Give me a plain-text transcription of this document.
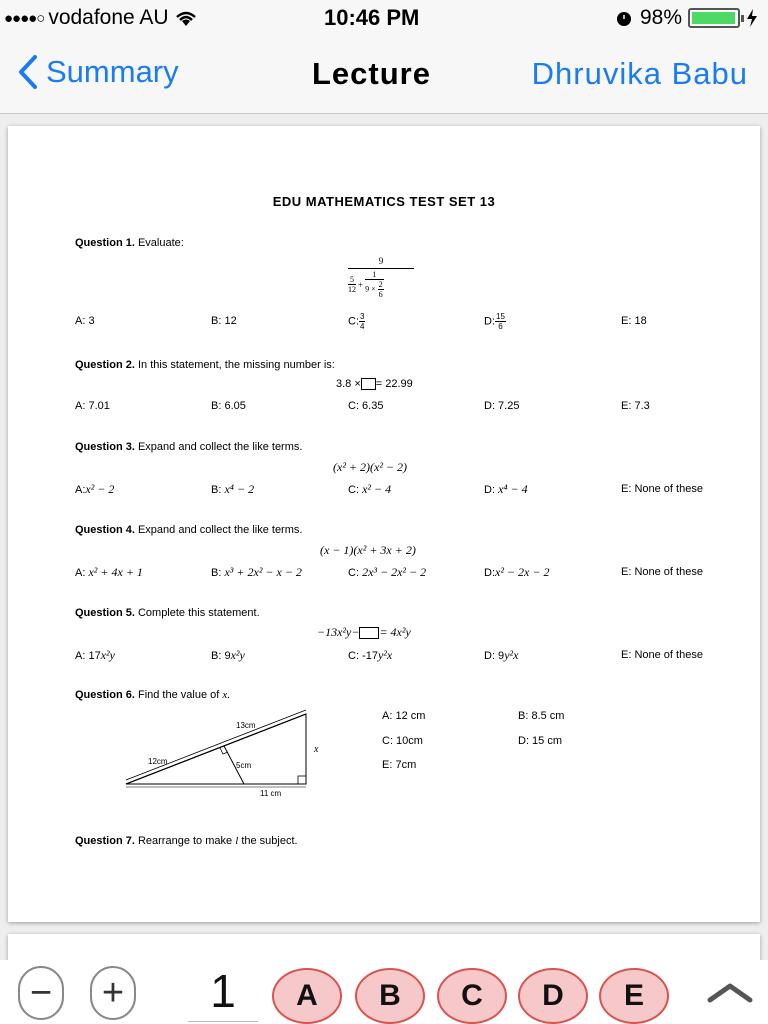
●●●●○ vodafone AU	10:46 PM	98%
Summary	Lecture	Dhruvika Babu
EDU MATHEMATICS TEST SET 13
Question 1. Evaluate:
9
$\frac{5}{12} + \frac{1}{9 \times \frac{2}{6}}$
A: 3	B: 12	C: $\frac{3}{4}$	D: $\frac{15}{6}$	E: 18
Question 2. In this statement, the missing number is:
3.8 × = 22.99
A: 7.01	B: 6.05	C: 6.35	D: 7.25	E: 7.3
Question 3. Expand and collect the like terms.
(x² + 2)(x² − 2)
A:x² − 2	B: x⁴ − 2	C: x² − 4	D: x⁴ − 4	E: None of these
Question 4. Expand and collect the like terms.
(x − 1)(x² + 3x + 2)
A: x² + 4x + 1	B: x³ + 2x² − x − 2	C: 2x³ − 2x² − 2	D:x² − 2x − 2	E: None of these
Question 5. Complete this statement.
−13x²y− = 4x²y
A: 17x²y	B: 9x²y	C: -17y²x	D: 9y²x	E: None of these
Question 6. Find the value of x.
13cm
12cm	5cm
11 cm
x
A: 12 cm	B: 8.5 cm
C: 10cm	D: 15 cm
E: 7cm
Question 7. Rearrange to make l the subject.
− +	1	A	B	C	D	E
